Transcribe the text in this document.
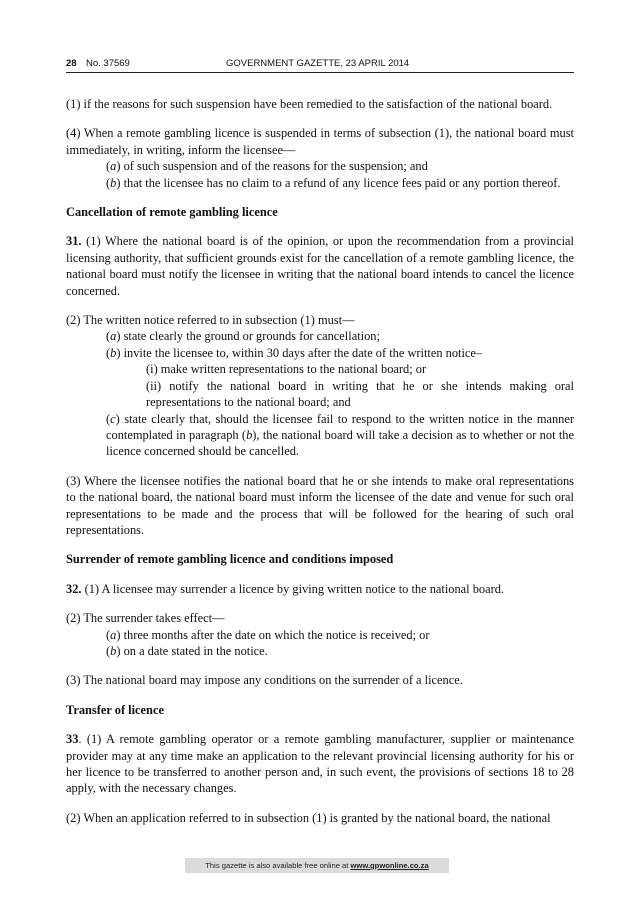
28 No. 37569	GOVERNMENT GAZETTE, 23 APRIL 2014

(1) if the reasons for such suspension have been remedied to the satisfaction of the national board.

(4) When a remote gambling licence is suspended in terms of subsection (1), the national board must immediately, in writing, inform the licensee—

(a) of such suspension and of the reasons for the suspension; and

(b) that the licensee has no claim to a refund of any licence fees paid or any portion thereof.

Cancellation of remote gambling licence

31. (1) Where the national board is of the opinion, or upon the recommendation from a provincial licensing authority, that sufficient grounds exist for the cancellation of a remote gambling licence, the national board must notify the licensee in writing that the national board intends to cancel the licence concerned.

(2) The written notice referred to in subsection (1) must—

(a) state clearly the ground or grounds for cancellation;

(b) invite the licensee to, within 30 days after the date of the written notice–

(i) make written representations to the national board; or

(ii) notify the national board in writing that he or she intends making oral representations to the national board; and

(c) state clearly that, should the licensee fail to respond to the written notice in the manner contemplated in paragraph (b), the national board will take a decision as to whether or not the licence concerned should be cancelled.

(3) Where the licensee notifies the national board that he or she intends to make oral representations to the national board, the national board must inform the licensee of the date and venue for such oral representations to be made and the process that will be followed for the hearing of such oral representations.

Surrender of remote gambling licence and conditions imposed

32. (1) A licensee may surrender a licence by giving written notice to the national board.

(2) The surrender takes effect—

(a) three months after the date on which the notice is received; or

(b) on a date stated in the notice.

(3) The national board may impose any conditions on the surrender of a licence.

Transfer of licence

33. (1) A remote gambling operator or a remote gambling manufacturer, supplier or maintenance provider may at any time make an application to the relevant provincial licensing authority for his or her licence to be transferred to another person and, in such event, the provisions of sections 18 to 28 apply, with the necessary changes.

(2) When an application referred to in subsection (1) is granted by the national board, the national

This gazette is also available free online at www.gpwonline.co.za
